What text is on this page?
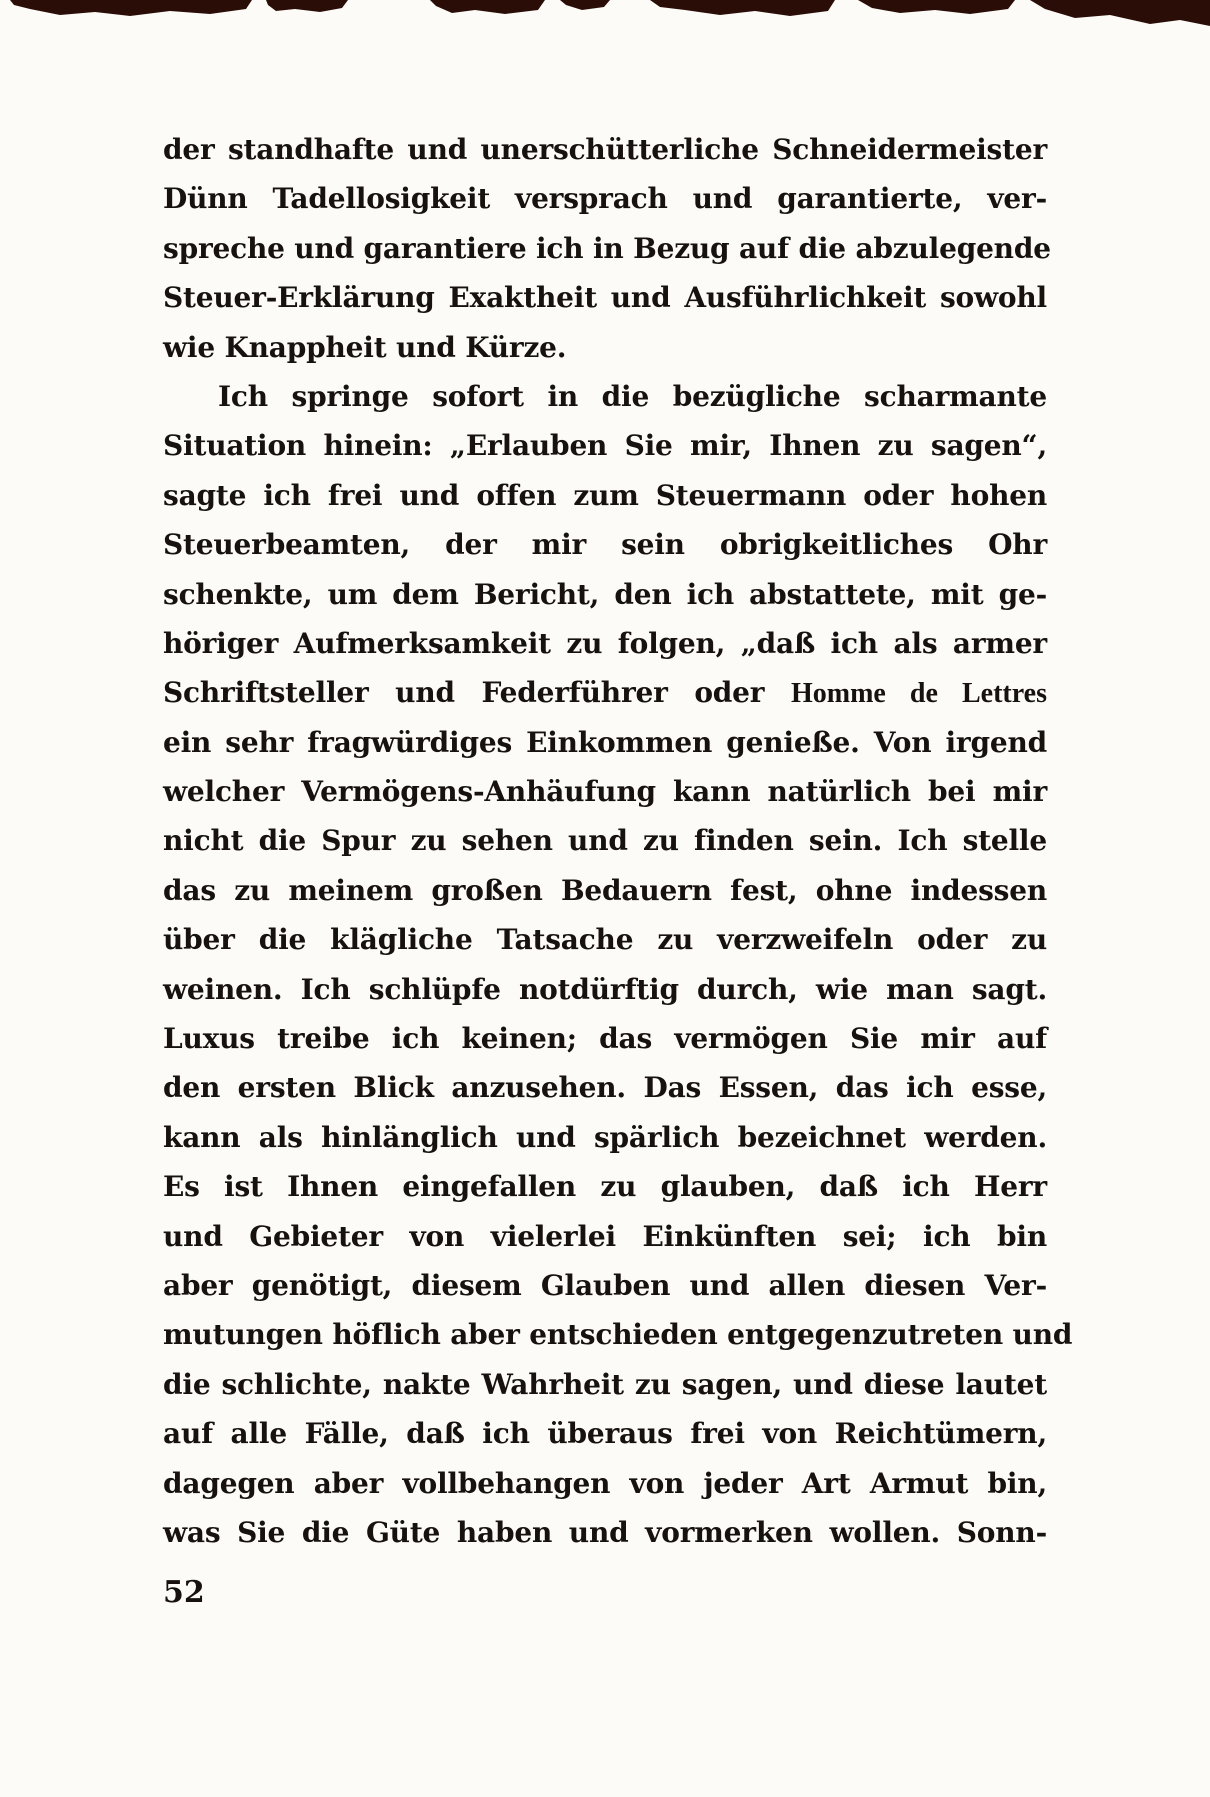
der standhafte und unerschütterliche Schneidermeister
Dünn Tadellosigkeit versprach und garantierte, ver-
spreche und garantiere ich in Bezug auf die abzulegende
Steuer-Erklärung Exaktheit und Ausführlichkeit sowohl
wie Knappheit und Kürze.
Ich springe sofort in die bezügliche scharmante
Situation hinein: „Erlauben Sie mir, Ihnen zu sagen“,
sagte ich frei und offen zum Steuermann oder hohen
Steuerbeamten, der mir sein obrigkeitliches Ohr
schenkte, um dem Bericht, den ich abstattete, mit ge-
höriger Aufmerksamkeit zu folgen, „daß ich als armer
Schriftsteller und Federführer oder Homme de Lettres
ein sehr fragwürdiges Einkommen genieße. Von irgend
welcher Vermögens-Anhäufung kann natürlich bei mir
nicht die Spur zu sehen und zu finden sein. Ich stelle
das zu meinem großen Bedauern fest, ohne indessen
über die klägliche Tatsache zu verzweifeln oder zu
weinen. Ich schlüpfe notdürftig durch, wie man sagt.
Luxus treibe ich keinen; das vermögen Sie mir auf
den ersten Blick anzusehen. Das Essen, das ich esse,
kann als hinlänglich und spärlich bezeichnet werden.
Es ist Ihnen eingefallen zu glauben, daß ich Herr
und Gebieter von vielerlei Einkünften sei; ich bin
aber genötigt, diesem Glauben und allen diesen Ver-
mutungen höflich aber entschieden entgegenzutreten und
die schlichte, nakte Wahrheit zu sagen, und diese lautet
auf alle Fälle, daß ich überaus frei von Reichtümern,
dagegen aber vollbehangen von jeder Art Armut bin,
was Sie die Güte haben und vormerken wollen. Sonn-
52
